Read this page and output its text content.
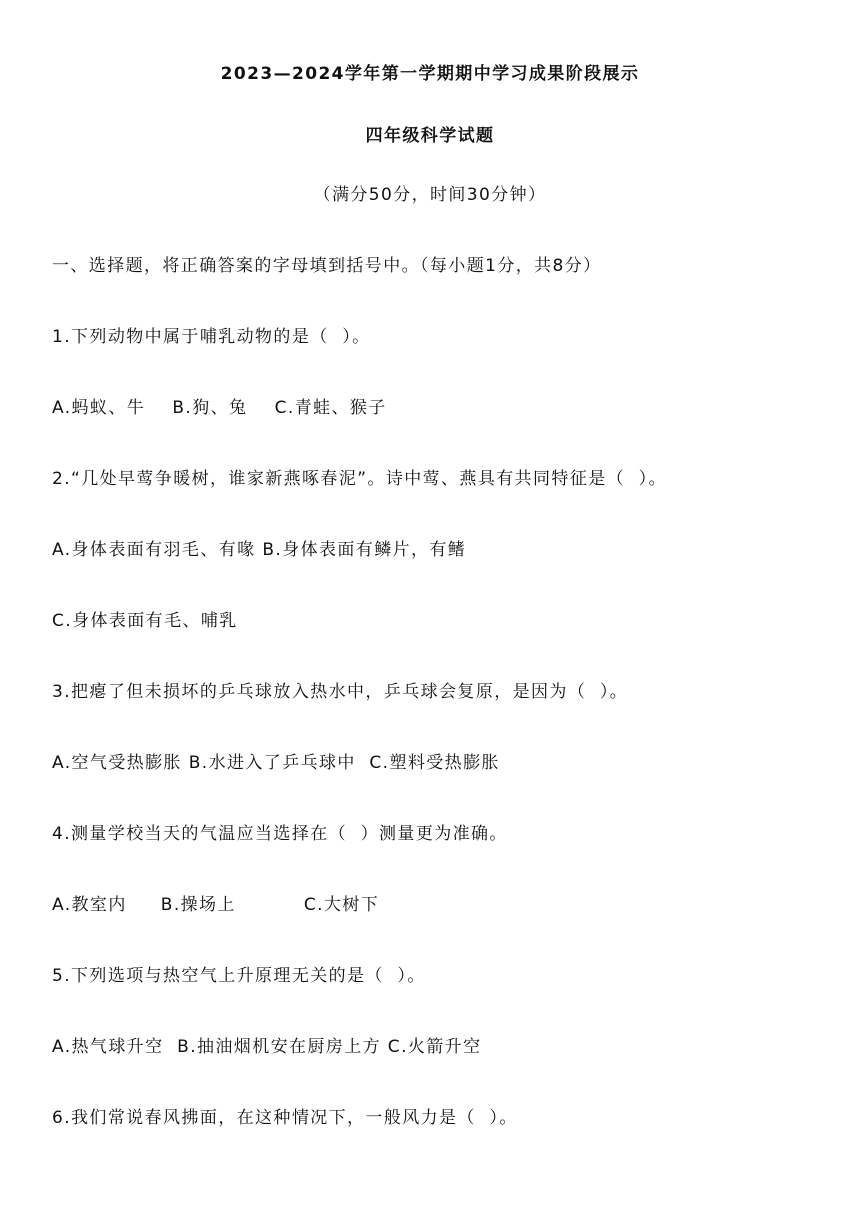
2023—2024学年第一学期期中学习成果阶段展示
四年级科学试题
（满分50分，时间30分钟）
一、选择题，将正确答案的字母填到括号中。（每小题1分，共8分）
1.下列动物中属于哺乳动物的是（  ）。
A.蚂蚁、牛    B.狗、兔    C.青蛙、猴子
2.“几处早莺争暖树，谁家新燕啄春泥”。诗中莺、燕具有共同特征是（  ）。
A.身体表面有羽毛、有喙 B.身体表面有鳞片，有鳍
C.身体表面有毛、哺乳
3.把瘪了但未损坏的乒乓球放入热水中，乒乓球会复原，是因为（  ）。
A.空气受热膨胀 B.水进入了乒乓球中  C.塑料受热膨胀
4.测量学校当天的气温应当选择在（  ）测量更为准确。
A.教室内     B.操场上          C.大树下
5.下列选项与热空气上升原理无关的是（  ）。
A.热气球升空  B.抽油烟机安在厨房上方 C.火箭升空
6.我们常说春风拂面，在这种情况下，一般风力是（  ）。
